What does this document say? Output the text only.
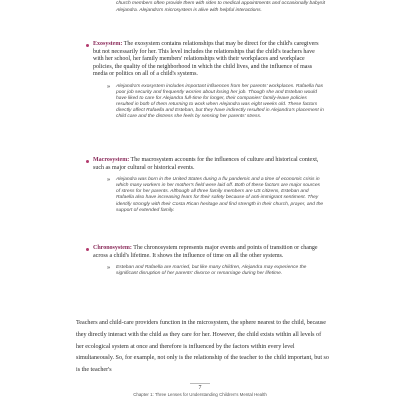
church members often provide them with rides to medical appointments and occasionally babysit Alejandra. Alejandra's microsystem is alive with helpful interactions.
Exosystem: The exosystem contains relationships that may be direct for the child's caregivers but not necessarily for her. This level includes the relationships that the child's teachers have with her school, her family members' relationships with their workplaces and workplace policies, the quality of the neighborhood in which the child lives, and the influence of mass media or politics on all of a child's systems.
» Alejandra's exosystem includes important influences from her parents' workplaces. Rafaella has poor job security and frequently worries about losing her job. Though she and Esteban would have liked to care for Alejandra full-time for longer, their companies' family-leave policies resulted in both of them returning to work when Alejandra was eight weeks old. These factors directly affect Rafaella and Esteban, but they have indirectly resulted in Alejandra's placement in child care and the distress she feels by sensing her parents' stress.
Macrosystem: The macrosystem accounts for the influences of culture and historical context, such as major cultural or historical events.
» Alejandra was born in the United States during a flu pandemic and a time of economic crisis in which many workers in her mother's field were laid off. Both of these factors are major sources of stress for her parents. Although all three family members are US citizens, Esteban and Rafaella also have increasing fears for their safety because of anti-immigrant sentiment. They identify strongly with their Costa Rican heritage and find strength in their church, prayer, and the support of extended family.
Chronosystem: The chronosystem represents major events and points of transition or change across a child's lifetime. It shows the influence of time on all the other systems.
» Esteban and Rafaella are married, but like many children, Alejandra may experience the significant disruption of her parents' divorce or remarriage during her lifetime.
Teachers and child-care providers function in the microsystem, the sphere nearest to the child, because they directly interact with the child as they care for her. However, the child exists within all levels of her ecological system at once and therefore is influenced by the factors within every level simultaneously. So, for example, not only is the relationship of the teacher to the child important, but so is the teacher's
7
Chapter 1: Three Lenses for Understanding Children's Mental Health
